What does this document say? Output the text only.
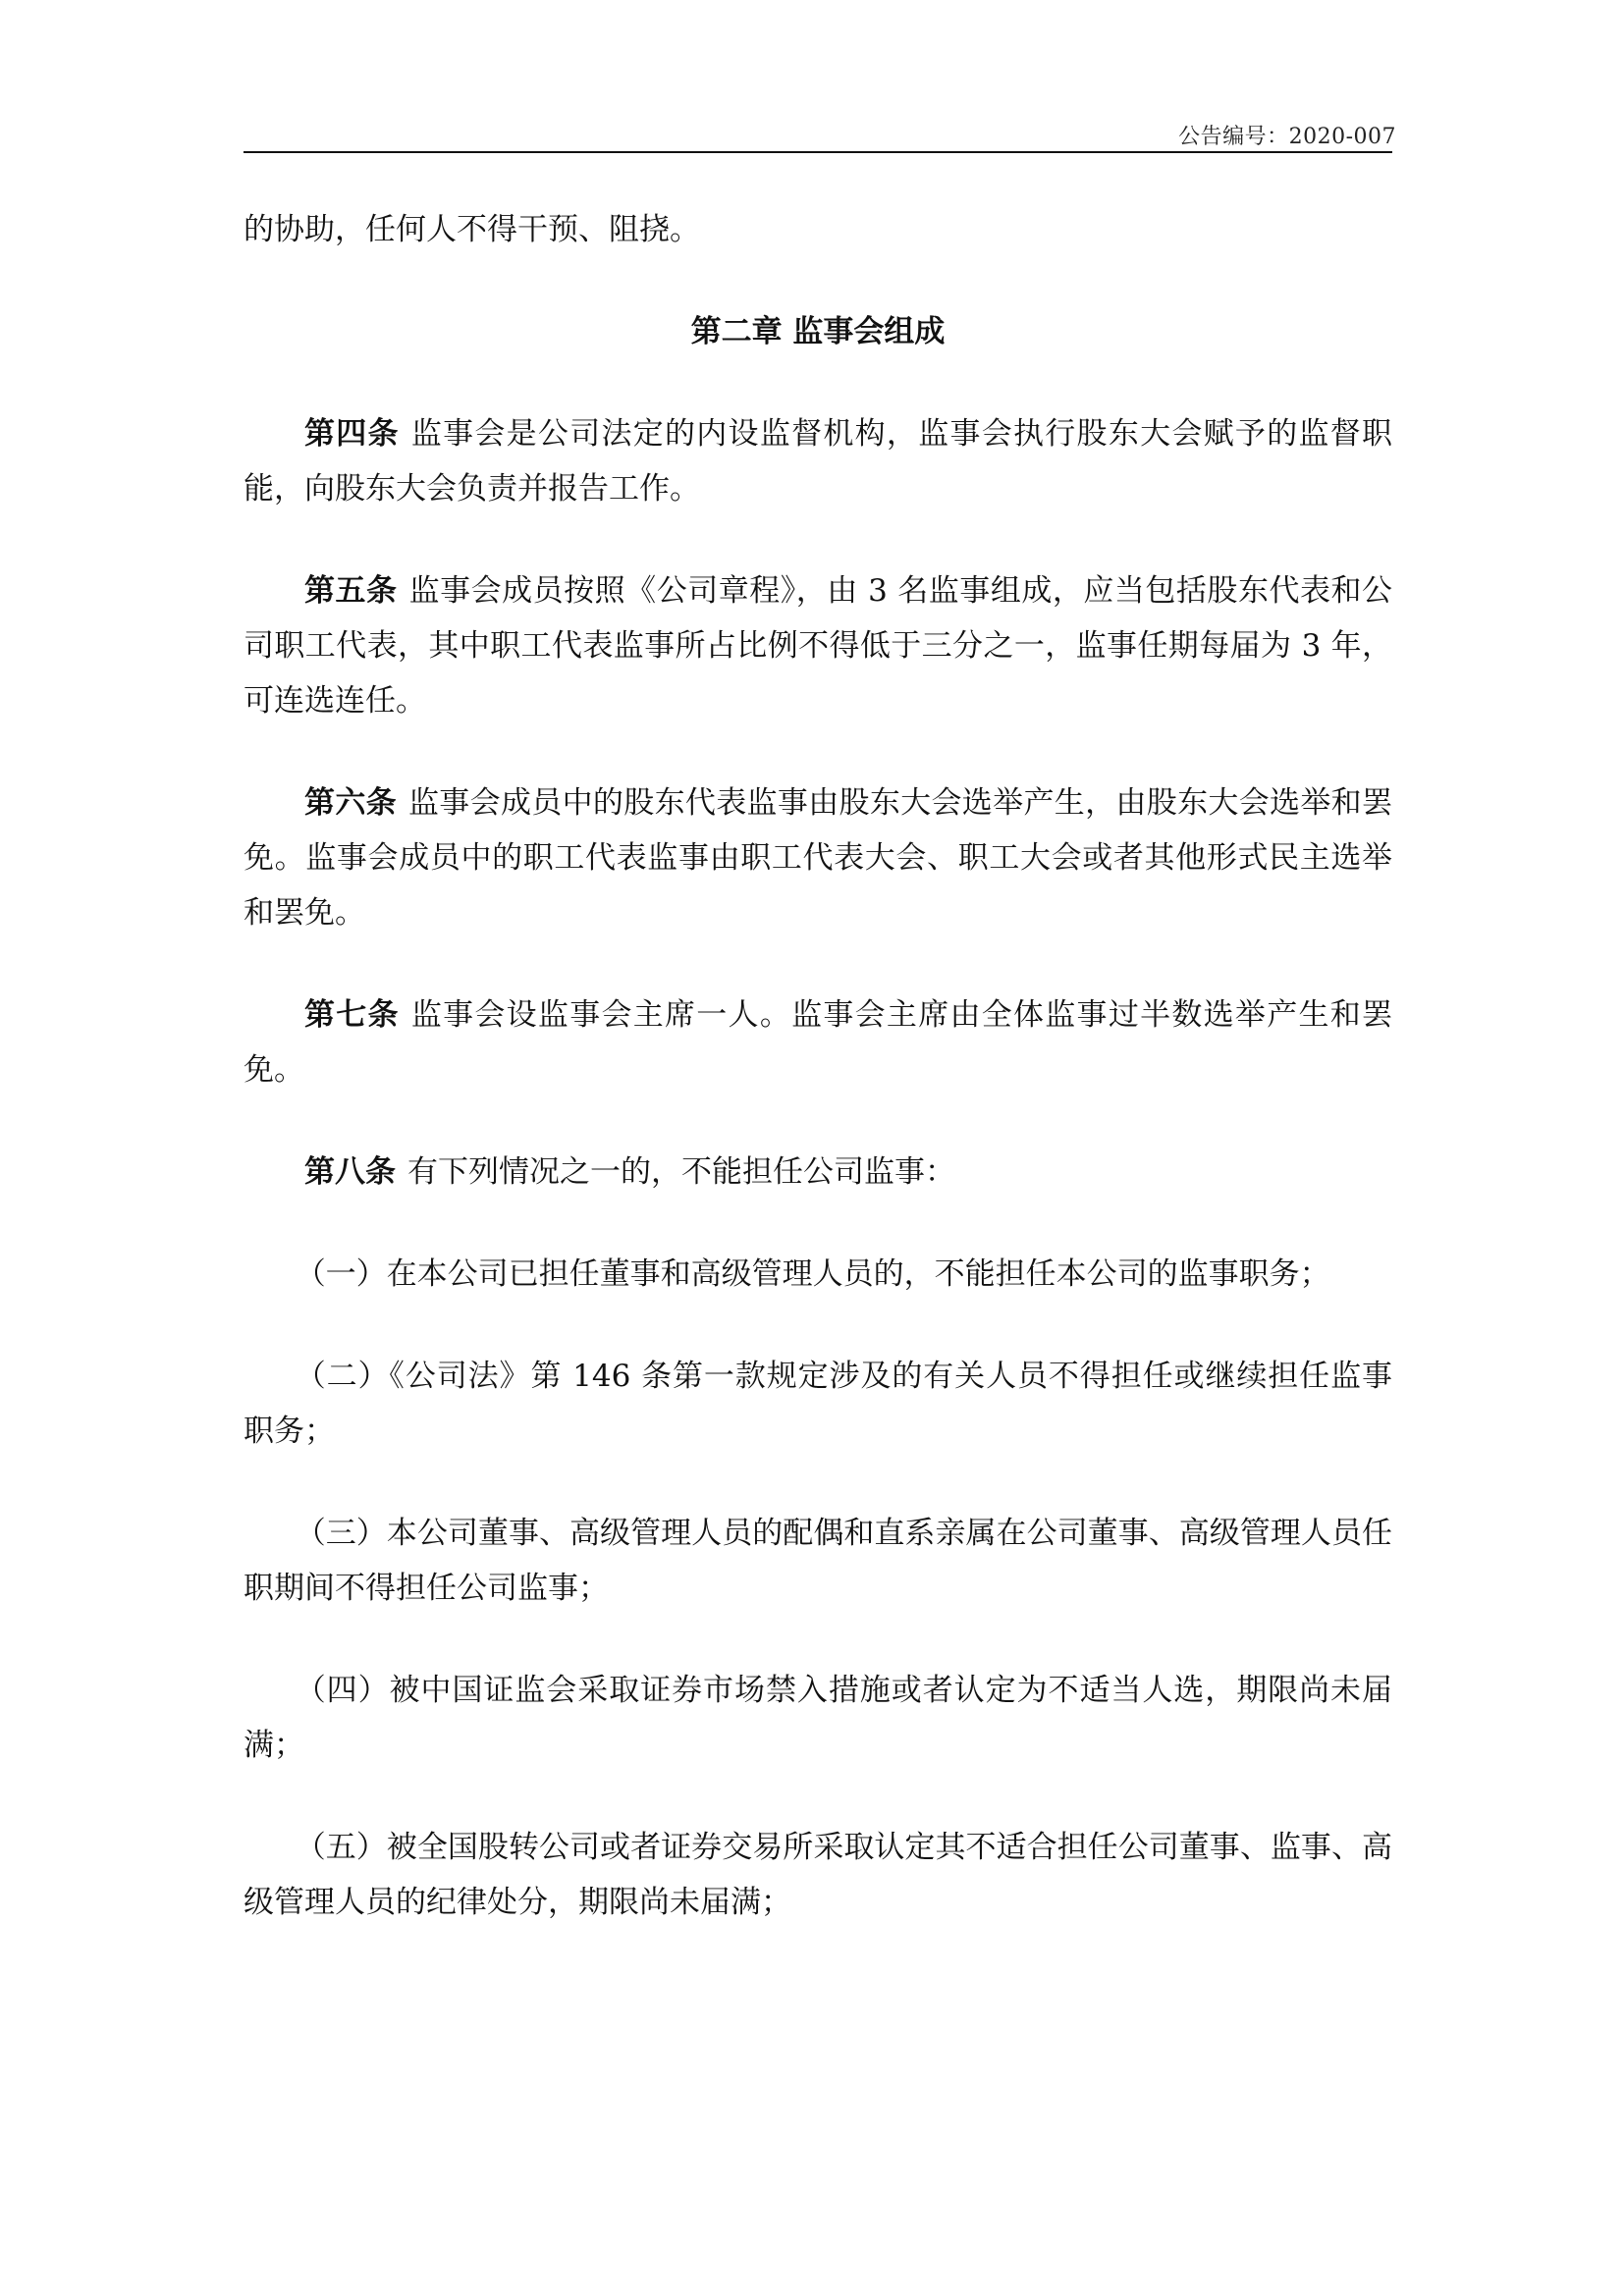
公告编号：2020-007

的协助，任何人不得干预、阻挠。

第二章 监事会组成

第四条 监事会是公司法定的内设监督机构，监事会执行股东大会赋予的监督职能，向股东大会负责并报告工作。

第五条 监事会成员按照《公司章程》，由 3 名监事组成，应当包括股东代表和公司职工代表，其中职工代表监事所占比例不得低于三分之一，监事任期每届为 3 年，可连选连任。

第六条 监事会成员中的股东代表监事由股东大会选举产生，由股东大会选举和罢免。监事会成员中的职工代表监事由职工代表大会、职工大会或者其他形式民主选举和罢免。

第七条 监事会设监事会主席一人。监事会主席由全体监事过半数选举产生和罢免。

第八条 有下列情况之一的，不能担任公司监事：

（一）在本公司已担任董事和高级管理人员的，不能担任本公司的监事职务；

（二）《公司法》第 146 条第一款规定涉及的有关人员不得担任或继续担任监事职务；

（三）本公司董事、高级管理人员的配偶和直系亲属在公司董事、高级管理人员任职期间不得担任公司监事；

（四）被中国证监会采取证券市场禁入措施或者认定为不适当人选，期限尚未届满；

（五）被全国股转公司或者证券交易所采取认定其不适合担任公司董事、监事、高级管理人员的纪律处分，期限尚未届满；
